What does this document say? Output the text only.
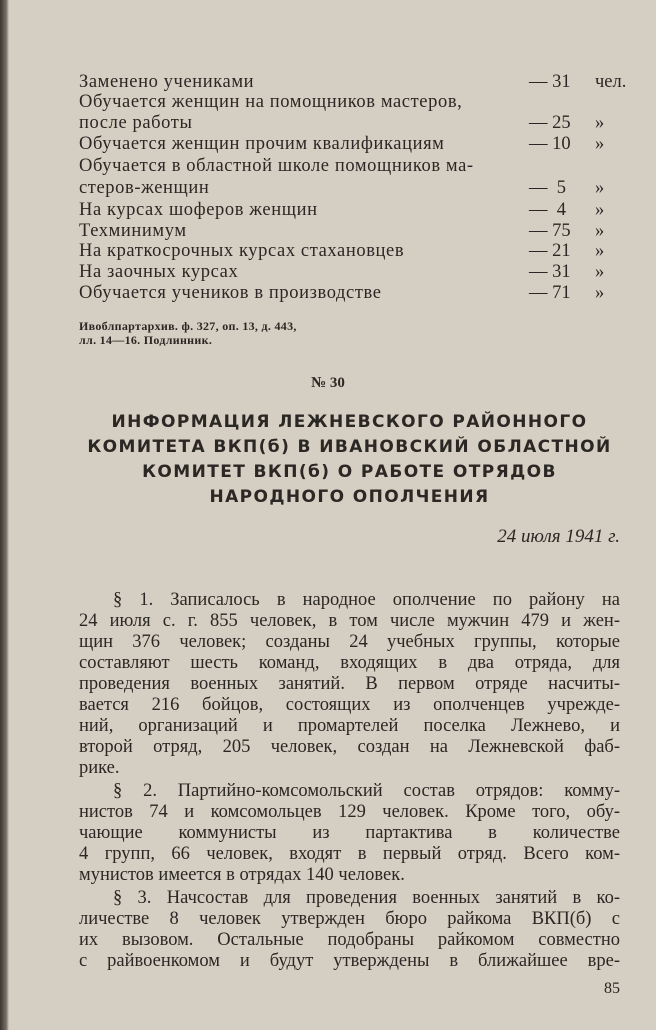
Заменено учениками	— 31	чел.
Обучается женщин на помощников мастеров,
после работы	— 25	»
Обучается женщин прочим квалификациям	— 10	»
Обучается в областной школе помощников ма-
стеров-женщин	—  5	»
На курсах шоферов женщин	—  4	»
Техминимум	— 75	»
На краткосрочных курсах стахановцев	— 21	»
На заочных курсах	— 31	»
Обучается учеников в производстве	— 71	»
Ивоблпартархив. ф. 327, оп. 13, д. 443,
лл. 14—16. Подлинник.
№ 30
ИНФОРМАЦИЯ ЛЕЖНЕВСКОГО РАЙОННОГО
КОМИТЕТА ВКП(б) В ИВАНОВСКИЙ ОБЛАСТНОЙ
КОМИТЕТ ВКП(б) О РАБОТЕ ОТРЯДОВ
НАРОДНОГО ОПОЛЧЕНИЯ
24 июля 1941 г.
§ 1. Записалось в народное ополчение по району на
24 июля с. г. 855 человек, в том числе мужчин 479 и жен-
щин 376 человек; созданы 24 учебных группы, которые
составляют шесть команд, входящих в два отряда, для
проведения военных занятий. В первом отряде насчиты-
вается 216 бойцов, состоящих из ополченцев учрежде-
ний, организаций и промартелей поселка Лежнево, и
второй отряд, 205 человек, создан на Лежневской фаб-
рике.
§ 2. Партийно-комсомольский состав отрядов: комму-
нистов 74 и комсомольцев 129 человек. Кроме того, обу-
чающие коммунисты из партактива в количестве
4 групп, 66 человек, входят в первый отряд. Всего ком-
мунистов имеется в отрядах 140 человек.
§ 3. Начсостав для проведения военных занятий в ко-
личестве 8 человек утвержден бюро райкома ВКП(б) с
их вызовом. Остальные подобраны райкомом совместно
с райвоенкомом и будут утверждены в ближайшее вре-
85
